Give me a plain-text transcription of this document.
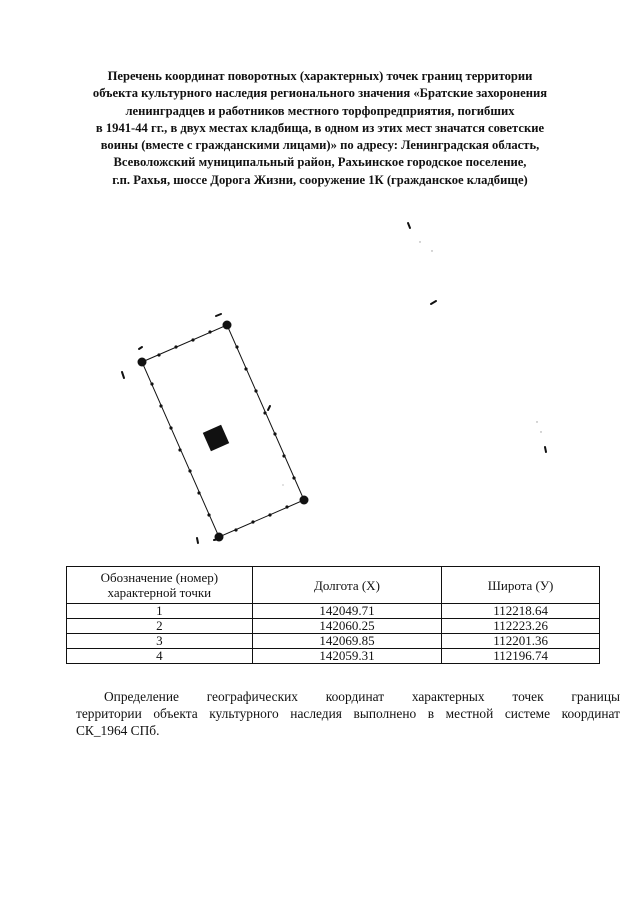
Перечень координат поворотных (характерных) точек границ территории
объекта культурного наследия регионального значения «Братские захоронения
ленинградцев и работников местного торфопредприятия, погибших
в 1941-44 гг., в двух местах кладбища, в одном из этих мест значатся советские
воины (вместе с гражданскими лицами)» по адресу: Ленинградская область,
Всеволожский муниципальный район, Рахьинское городское поселение,
г.п. Рахья, шоссе Дорога Жизни, сооружение 1К (гражданское кладбище)
Обозначение (номер) характерной точки	Долгота (X)	Широта (У)
1	142049.71	112218.64
2	142060.25	112223.26
3	142069.85	112201.36
4	142059.31	112196.74
Определение географических координат характерных точек границы
территории объекта культурного наследия выполнено в местной системе координат
СК_1964 СПб.
